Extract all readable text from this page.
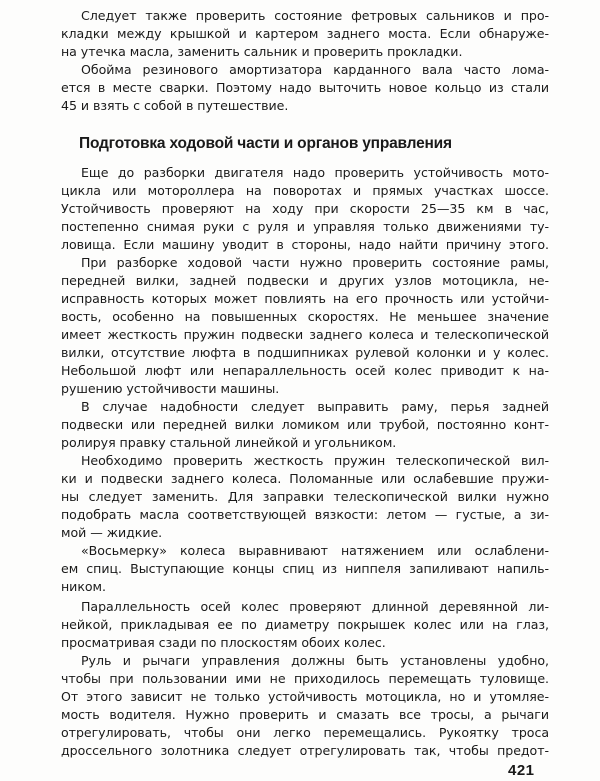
Следует также проверить состояние фетровых сальников и про-
кладки между крышкой и картером заднего моста. Если обнаруже-
на утечка масла, заменить сальник и проверить прокладки.
Обойма резинового амортизатора карданного вала часто лома-
ется в месте сварки. Поэтому надо выточить новое кольцо из стали
45 и взять с собой в путешествие.
Подготовка ходовой части и органов управления
Еще до разборки двигателя надо проверить устойчивость мото-
цикла или мотороллера на поворотах и прямых участках шоссе.
Устойчивость проверяют на ходу при скорости 25—35 км в час,
постепенно снимая руки с руля и управляя только движениями ту-
ловища. Если машину уводит в стороны, надо найти причину этого.
При разборке ходовой части нужно проверить состояние рамы,
передней вилки, задней подвески и других узлов мотоцикла, не-
исправность которых может повлиять на его прочность или устойчи-
вость, особенно на повышенных скоростях. Не меньшее значение
имеет жесткость пружин подвески заднего колеса и телескопической
вилки, отсутствие люфта в подшипниках рулевой колонки и у колес.
Небольшой люфт или непараллельность осей колес приводит к на-
рушению устойчивости машины.
В случае надобности следует выправить раму, перья задней
подвески или передней вилки ломиком или трубой, постоянно конт-
ролируя правку стальной линейкой и угольником.
Необходимо проверить жесткость пружин телескопической вил-
ки и подвески заднего колеса. Поломанные или ослабевшие пружи-
ны следует заменить. Для заправки телескопической вилки нужно
подобрать масла соответствующей вязкости: летом — густые, а зи-
мой — жидкие.
«Восьмерку» колеса выравнивают натяжением или ослаблени-
ем спиц. Выступающие концы спиц из ниппеля запиливают напиль-
ником.
Параллельность осей колес проверяют длинной деревянной ли-
нейкой, прикладывая ее по диаметру покрышек колес или на глаз,
просматривая сзади по плоскостям обоих колес.
Руль и рычаги управления должны быть установлены удобно,
чтобы при пользовании ими не приходилось перемещать туловище.
От этого зависит не только устойчивость мотоцикла, но и утомляе-
мость водителя. Нужно проверить и смазать все тросы, а рычаги
отрегулировать, чтобы они легко перемещались. Рукоятку троса
дроссельного золотника следует отрегулировать так, чтобы предот-
421
